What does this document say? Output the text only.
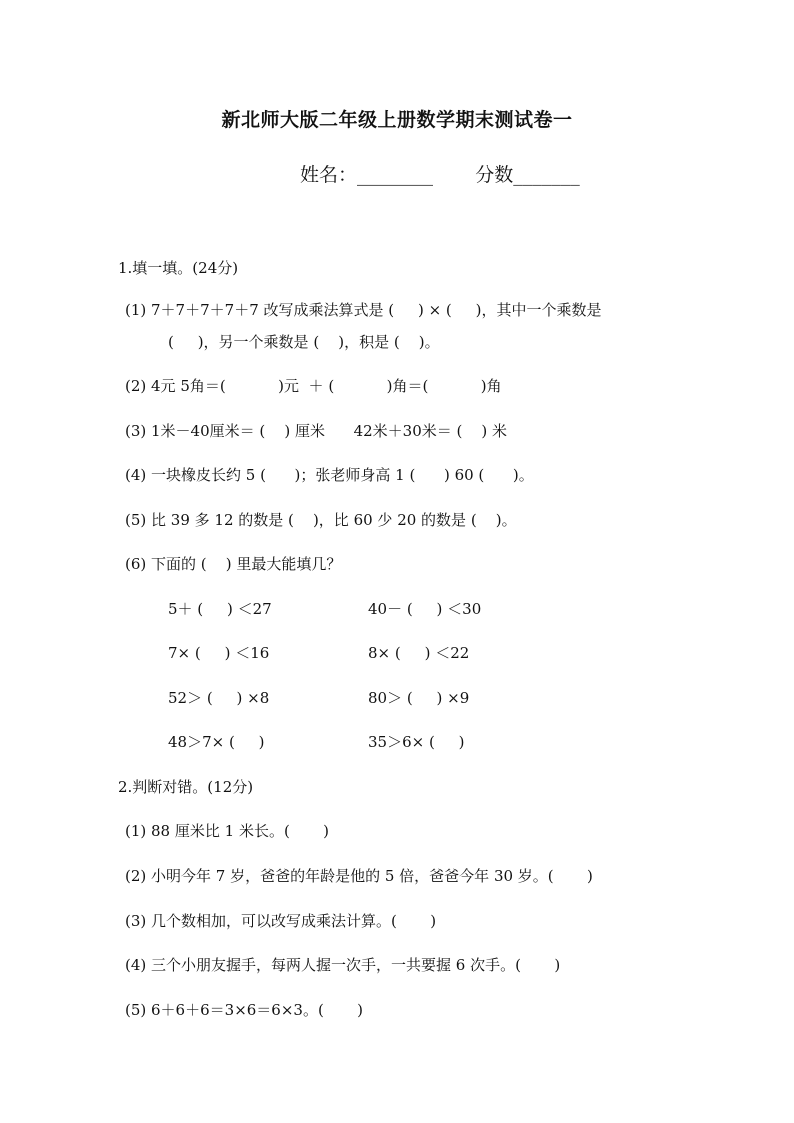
新北师大版二年级上册数学期末测试卷一
姓名：________       分数_______
1.填一填。(24分)
(1) 7＋7＋7＋7＋7 改写成乘法算式是 (     ) × (     )，其中一个乘数是
(     )，另一个乘数是 (    )，积是 (    )。
(2) 4元 5角＝(           )元  ＋ (           )角＝(           )角
(3) 1米－40厘米＝ (    ) 厘米      42米＋30米＝ (    ) 米
(4) 一块橡皮长约 5 (      )；张老师身高 1 (      ) 60 (      )。
(5) 比 39 多 12 的数是 (    )，比 60 少 20 的数是 (    )。
(6) 下面的 (    ) 里最大能填几？
5＋ (     ) ＜27	40－ (     ) ＜30
7× (     ) ＜16	8× (     ) ＜22
52＞ (     ) ×8	80＞ (     ) ×9
48＞7× (     )	35＞6× (     )
2.判断对错。(12分)
(1) 88 厘米比 1 米长。(       )
(2) 小明今年 7 岁，爸爸的年龄是他的 5 倍，爸爸今年 30 岁。(       )
(3) 几个数相加，可以改写成乘法计算。(       )
(4) 三个小朋友握手，每两人握一次手，一共要握 6 次手。(       )
(5) 6＋6＋6＝3×6＝6×3。(       )
